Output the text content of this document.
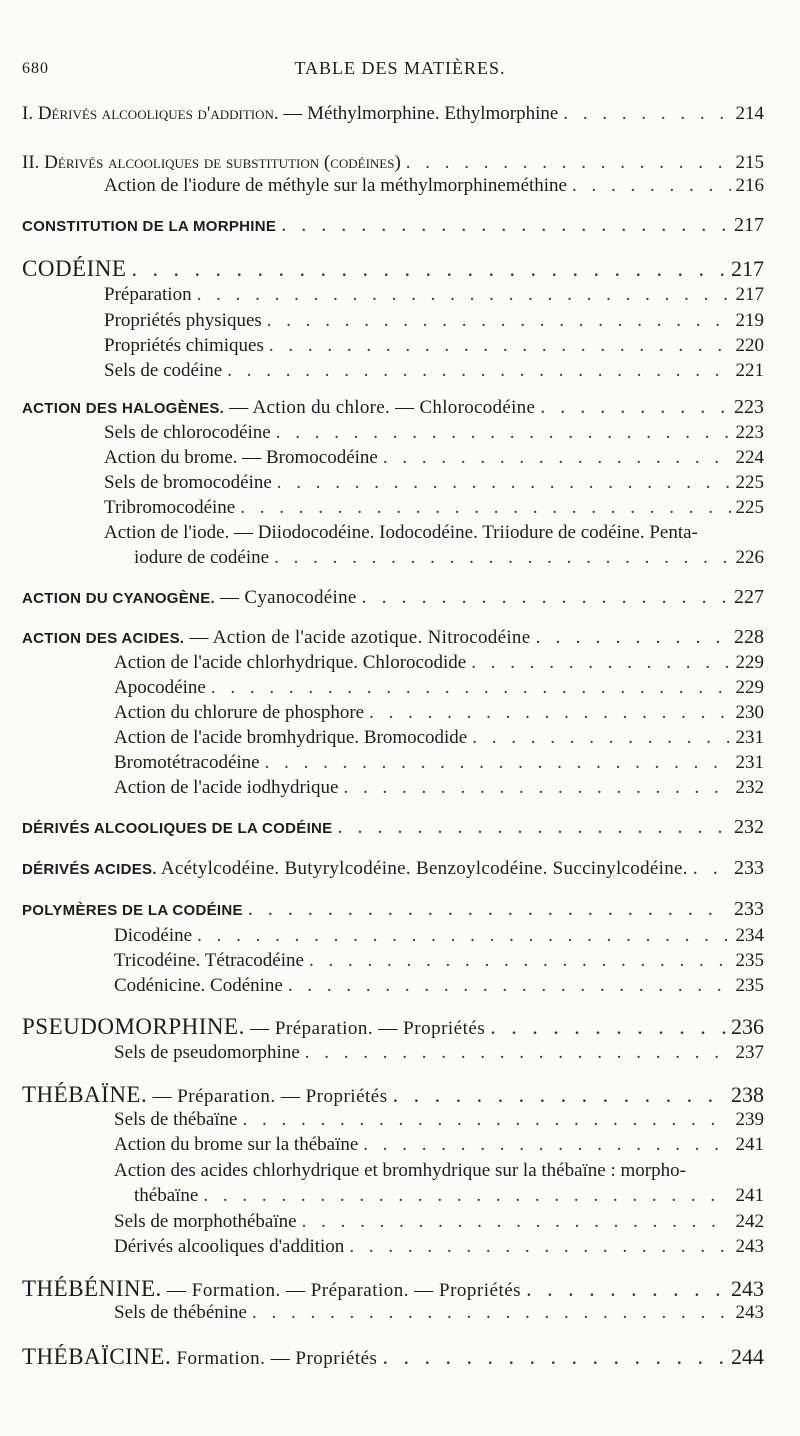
680	TABLE DES MATIÈRES.
I. Dérivés alcooliques d'addition. — Méthylmorphine. Ethylmorphine . . .	214
II. Dérivés alcooliques de substitution (codéines) . . .	215
Action de l'iodure de méthyle sur la méthylmorphineméthine . . .	216
CONSTITUTION DE LA MORPHINE . . .	217
CODÉINE . . .	217
Préparation . . .	217
Propriétés physiques . . .	219
Propriétés chimiques . . .	220
Sels de codéine . . .	221
ACTION DES HALOGÈNES. — Action du chlore. — Chlorocodéine . . .	223
Sels de chlorocodéine . . .	223
Action du brome. — Bromocodéine . . .	224
Sels de bromocodéine . . .	225
Tribromocodéine . . .	225
Action de l'iode. — Diiodocodéine. Iodocodéine. Triiodure de codéine. Penta-
iodure de codéine . . .	226
ACTION DU CYANOGÈNE. — Cyanocodéine . . .	227
ACTION DES ACIDES. — Action de l'acide azotique. Nitrocodéine . . .	228
Action de l'acide chlorhydrique. Chlorocodide . . .	229
Apocodéine . . .	229
Action du chlorure de phosphore . . .	230
Action de l'acide bromhydrique. Bromocodide . . .	231
Bromotétracodéine . . .	231
Action de l'acide iodhydrique . . .	232
DÉRIVÉS ALCOOLIQUES DE LA CODÉINE . . .	232
DÉRIVÉS ACIDES. Acétylcodéine. Butyrylcodéine. Benzoylcodéine. Succinylcodéine. . . . 233
POLYMÈRES DE LA CODÉINE . . .	233
Dicodéine . . .	234
Tricodéine. Tétracodéine . . .	235
Codénicine. Codénine . . .	235
PSEUDOMORPHINE. — Préparation. — Propriétés . . .	236
Sels de pseudomorphine . . .	237
THÉBAÏNE. — Préparation. — Propriétés . . .	238
Sels de thébaïne . . .	239
Action du brome sur la thébaïne . . .	241
Action des acides chlorhydrique et bromhydrique sur la thébaïne : morpho-
thébaïne . . .	241
Sels de morphothébaïne . . .	242
Dérivés alcooliques d'addition . . .	243
THÉBÉNINE. — Formation. — Préparation. — Propriétés . . .	243
Sels de thébénine . . .	243
THÉBAÏCINE. Formation. — Propriétés . . .	244
